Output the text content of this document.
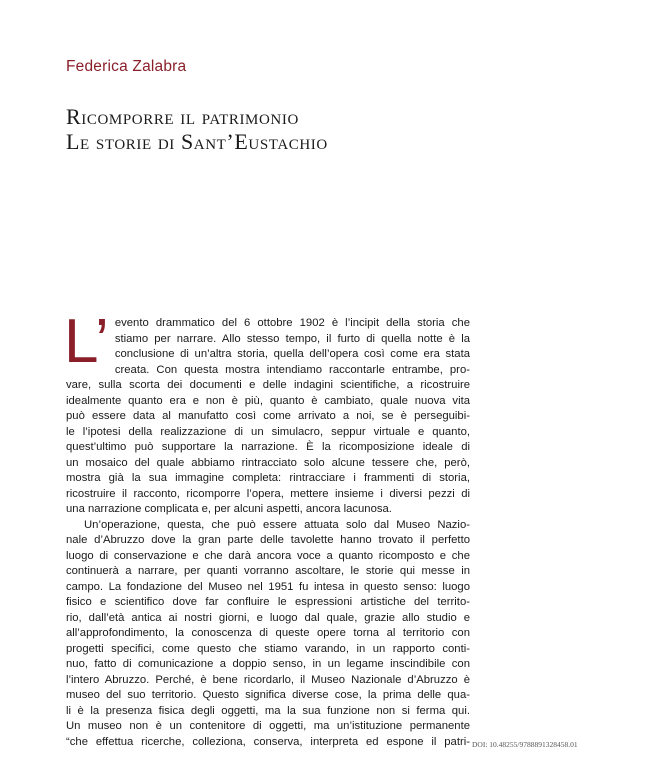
Federica Zalabra
Ricomporre il patrimonio
Le storie di Sant’Eustachio
L’ evento drammatico del 6 ottobre 1902 è l’incipit della storia che
stiamo per narrare. Allo stesso tempo, il furto di quella notte è la
conclusione di un’altra storia, quella dell’opera così come era stata
creata. Con questa mostra intendiamo raccontarle entrambe, pro-
vare, sulla scorta dei documenti e delle indagini scientifiche, a ricostruire
idealmente quanto era e non è più, quanto è cambiato, quale nuova vita
può essere data al manufatto così come arrivato a noi, se è perseguibi-
le l’ipotesi della realizzazione di un simulacro, seppur virtuale e quanto,
quest’ultimo può supportare la narrazione. È la ricomposizione ideale di
un mosaico del quale abbiamo rintracciato solo alcune tessere che, però,
mostra già la sua immagine completa: rintracciare i frammenti di storia,
ricostruire il racconto, ricomporre l’opera, mettere insieme i diversi pezzi di
una narrazione complicata e, per alcuni aspetti, ancora lacunosa.
Un’operazione, questa, che può essere attuata solo dal Museo Nazio-
nale d’Abruzzo dove la gran parte delle tavolette hanno trovato il perfetto
luogo di conservazione e che darà ancora voce a quanto ricomposto e che
continuerà a narrare, per quanti vorranno ascoltare, le storie qui messe in
campo. La fondazione del Museo nel 1951 fu intesa in questo senso: luogo
fisico e scientifico dove far confluire le espressioni artistiche del territo-
rio, dall’età antica ai nostri giorni, e luogo dal quale, grazie allo studio e
all’approfondimento, la conoscenza di queste opere torna al territorio con
progetti specifici, come questo che stiamo varando, in un rapporto conti-
nuo, fatto di comunicazione a doppio senso, in un legame inscindibile con
l’intero Abruzzo. Perché, è bene ricordarlo, il Museo Nazionale d’Abruzzo è
museo del suo territorio. Questo significa diverse cose, la prima delle qua-
li è la presenza fisica degli oggetti, ma la sua funzione non si ferma qui.
Un museo non è un contenitore di oggetti, ma un’istituzione permanente
“che effettua ricerche, colleziona, conserva, interpreta ed espone il patri- DOI: 10.48255/9788891328458.01
